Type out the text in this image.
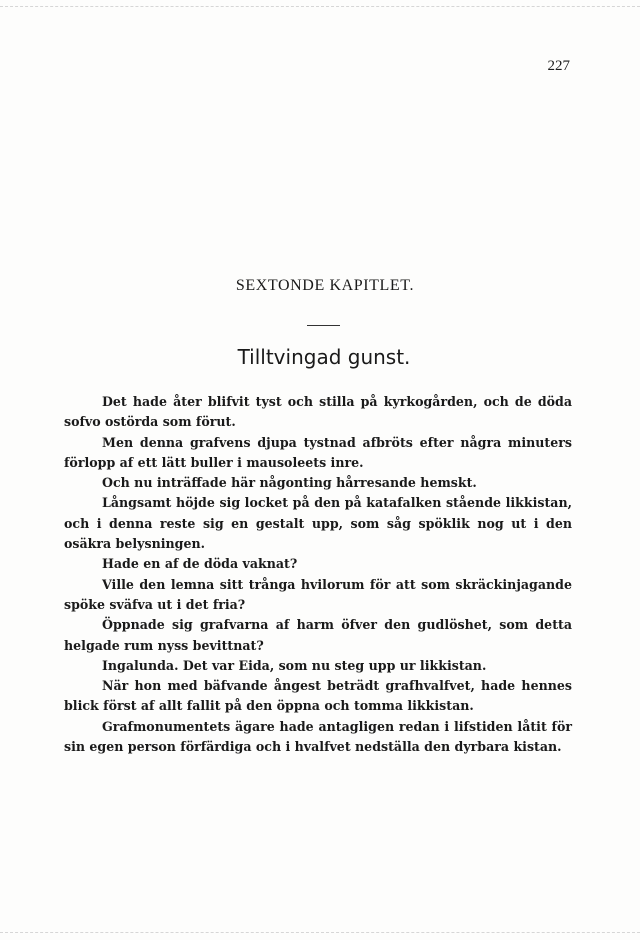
227
SEXTONDE KAPITLET.
Tilltvingad gunst.

Det hade åter blifvit tyst och stilla på kyrkogården, och de döda sofvo ostörda som förut.

Men denna grafvens djupa tystnad afbröts efter några minuters förlopp af ett lätt buller i mausoleets inre.

Och nu inträffade här någonting hårresande hemskt.

Långsamt höjde sig locket på den på katafalken stående likkistan, och i denna reste sig en gestalt upp, som såg spöklik nog ut i den osäkra belysningen.

Hade en af de döda vaknat?

Ville den lemna sitt trånga hvilorum för att som skräckinjagande spöke sväfva ut i det fria?

Öppnade sig grafvarna af harm öfver den gudlöshet, som detta helgade rum nyss bevittnat?

Ingalunda. Det var Eida, som nu steg upp ur likkistan.

När hon med bäfvande ångest beträdt grafhvalfvet, hade hennes blick först af allt fallit på den öppna och tomma likkistan.

Grafmonumentets ägare hade antagligen redan i lifstiden låtit för sin egen person förfärdiga och i hvalfvet nedställa den dyrbara kistan.
